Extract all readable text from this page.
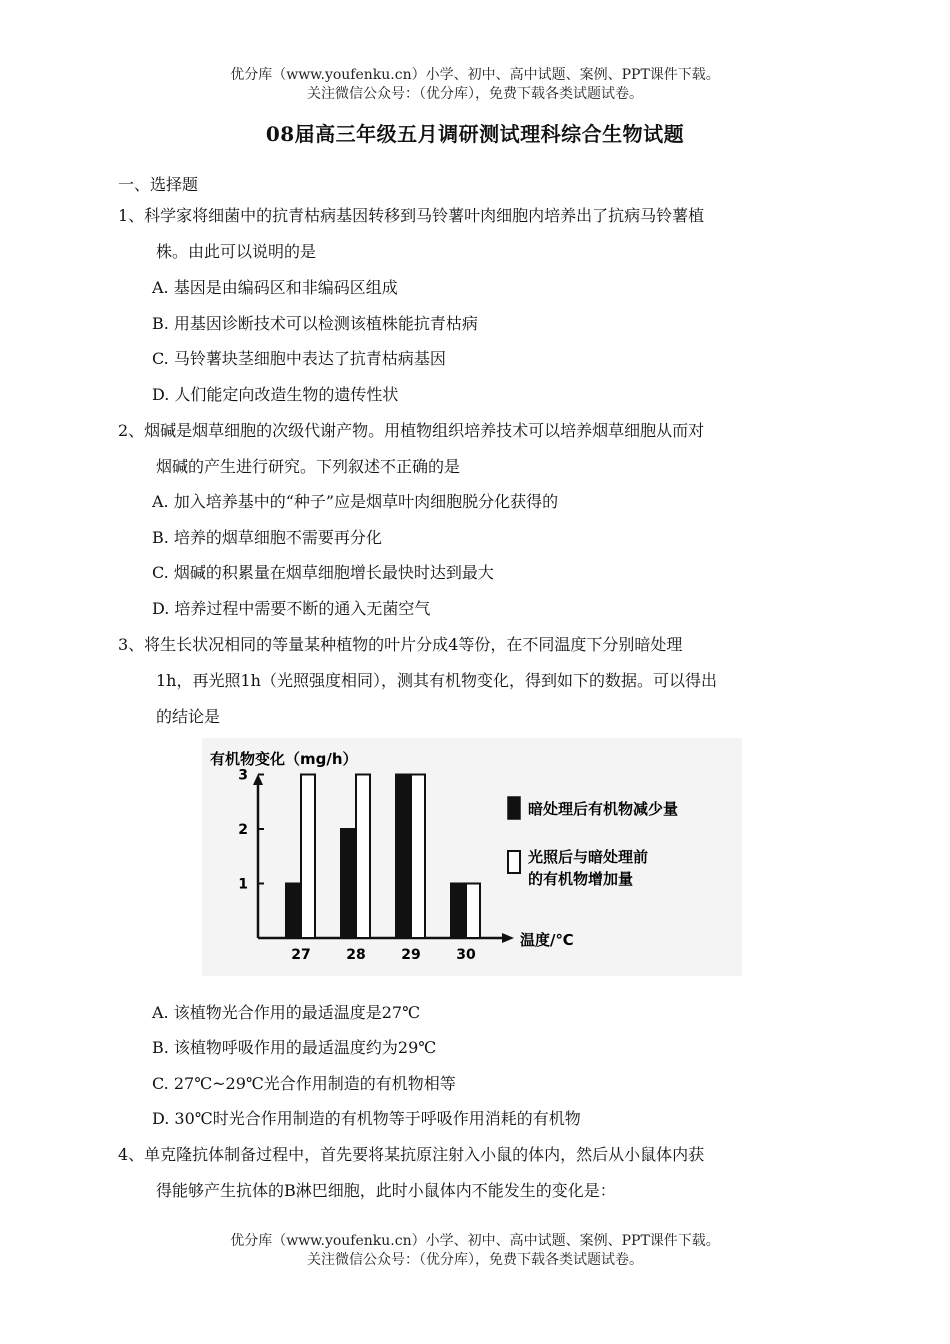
优分库（www.youfenku.cn）小学、初中、高中试题、案例、PPT课件下载。
关注微信公众号：（优分库），免费下载各类试题试卷。
08届高三年级五月调研测试理科综合生物试题
一、选择题
1、科学家将细菌中的抗青枯病基因转移到马铃薯叶肉细胞内培养出了抗病马铃薯植
株。由此可以说明的是
A. 基因是由编码区和非编码区组成
B. 用基因诊断技术可以检测该植株能抗青枯病
C. 马铃薯块茎细胞中表达了抗青枯病基因
D. 人们能定向改造生物的遗传性状
2、烟碱是烟草细胞的次级代谢产物。用植物组织培养技术可以培养烟草细胞从而对
烟碱的产生进行研究。下列叙述不正确的是
A. 加入培养基中的“种子”应是烟草叶肉细胞脱分化获得的
B. 培养的烟草细胞不需要再分化
C. 烟碱的积累量在烟草细胞增长最快时达到最大
D. 培养过程中需要不断的通入无菌空气
3、将生长状况相同的等量某种植物的叶片分成4等份，在不同温度下分别暗处理
1h，再光照1h（光照强度相同），测其有机物变化，得到如下的数据。可以得出
的结论是
有机物变化（mg/h）
温度/℃
1
2
3
27	28	29	30
暗处理后有机物减少量
光照后与暗处理前
的有机物增加量
A. 该植物光合作用的最适温度是27℃
B. 该植物呼吸作用的最适温度约为29℃
C. 27℃~29℃光合作用制造的有机物相等
D. 30℃时光合作用制造的有机物等于呼吸作用消耗的有机物
4、单克隆抗体制备过程中，首先要将某抗原注射入小鼠的体内，然后从小鼠体内获
得能够产生抗体的B淋巴细胞，此时小鼠体内不能发生的变化是：
优分库（www.youfenku.cn）小学、初中、高中试题、案例、PPT课件下载。
关注微信公众号：（优分库），免费下载各类试题试卷。
